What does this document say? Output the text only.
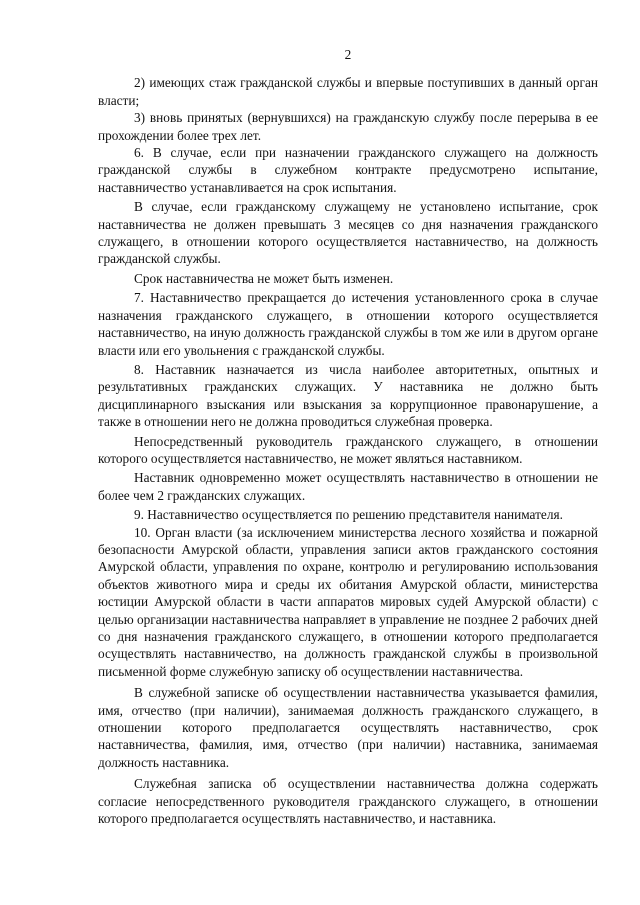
2

2) имеющих стаж гражданской службы и впервые поступивших в данный орган власти;

3) вновь принятых (вернувшихся) на гражданскую службу после перерыва в ее прохождении более трех лет.

6. В случае, если при назначении гражданского служащего на должность гражданской службы в служебном контракте предусмотрено испытание, наставничество устанавливается на срок испытания.

В случае, если гражданскому служащему не установлено испытание, срок наставничества не должен превышать 3 месяцев со дня назначения гражданского служащего, в отношении которого осуществляется наставничество, на должность гражданской службы.

Срок наставничества не может быть изменен.

7. Наставничество прекращается до истечения установленного срока в случае назначения гражданского служащего, в отношении которого осуществляется наставничество, на иную должность гражданской службы в том же или в другом органе власти или его увольнения с гражданской службы.

8. Наставник назначается из числа наиболее авторитетных, опытных и результативных гражданских служащих. У наставника не должно быть дисциплинарного взыскания или взыскания за коррупционное правонарушение, а также в отношении него не должна проводиться служебная проверка.

Непосредственный руководитель гражданского служащего, в отношении которого осуществляется наставничество, не может являться наставником.

Наставник одновременно может осуществлять наставничество в отношении не более чем 2 гражданских служащих.

9. Наставничество осуществляется по решению представителя нанимателя.

10. Орган власти (за исключением министерства лесного хозяйства и пожарной безопасности Амурской области, управления записи актов гражданского состояния Амурской области, управления по охране, контролю и регулированию использования объектов животного мира и среды их обитания Амурской области, министерства юстиции Амурской области в части аппаратов мировых судей Амурской области) с целью организации наставничества направляет в управление не позднее 2 рабочих дней со дня назначения гражданского служащего, в отношении которого предполагается осуществлять наставничество, на должность гражданской службы в произвольной письменной форме служебную записку об осуществлении наставничества.

В служебной записке об осуществлении наставничества указывается фамилия, имя, отчество (при наличии), занимаемая должность гражданского служащего, в отношении которого предполагается осуществлять наставничество, срок наставничества, фамилия, имя, отчество (при наличии) наставника, занимаемая должность наставника.

Служебная записка об осуществлении наставничества должна содержать согласие непосредственного руководителя гражданского служащего, в отношении которого предполагается осуществлять наставничество, и наставника.
